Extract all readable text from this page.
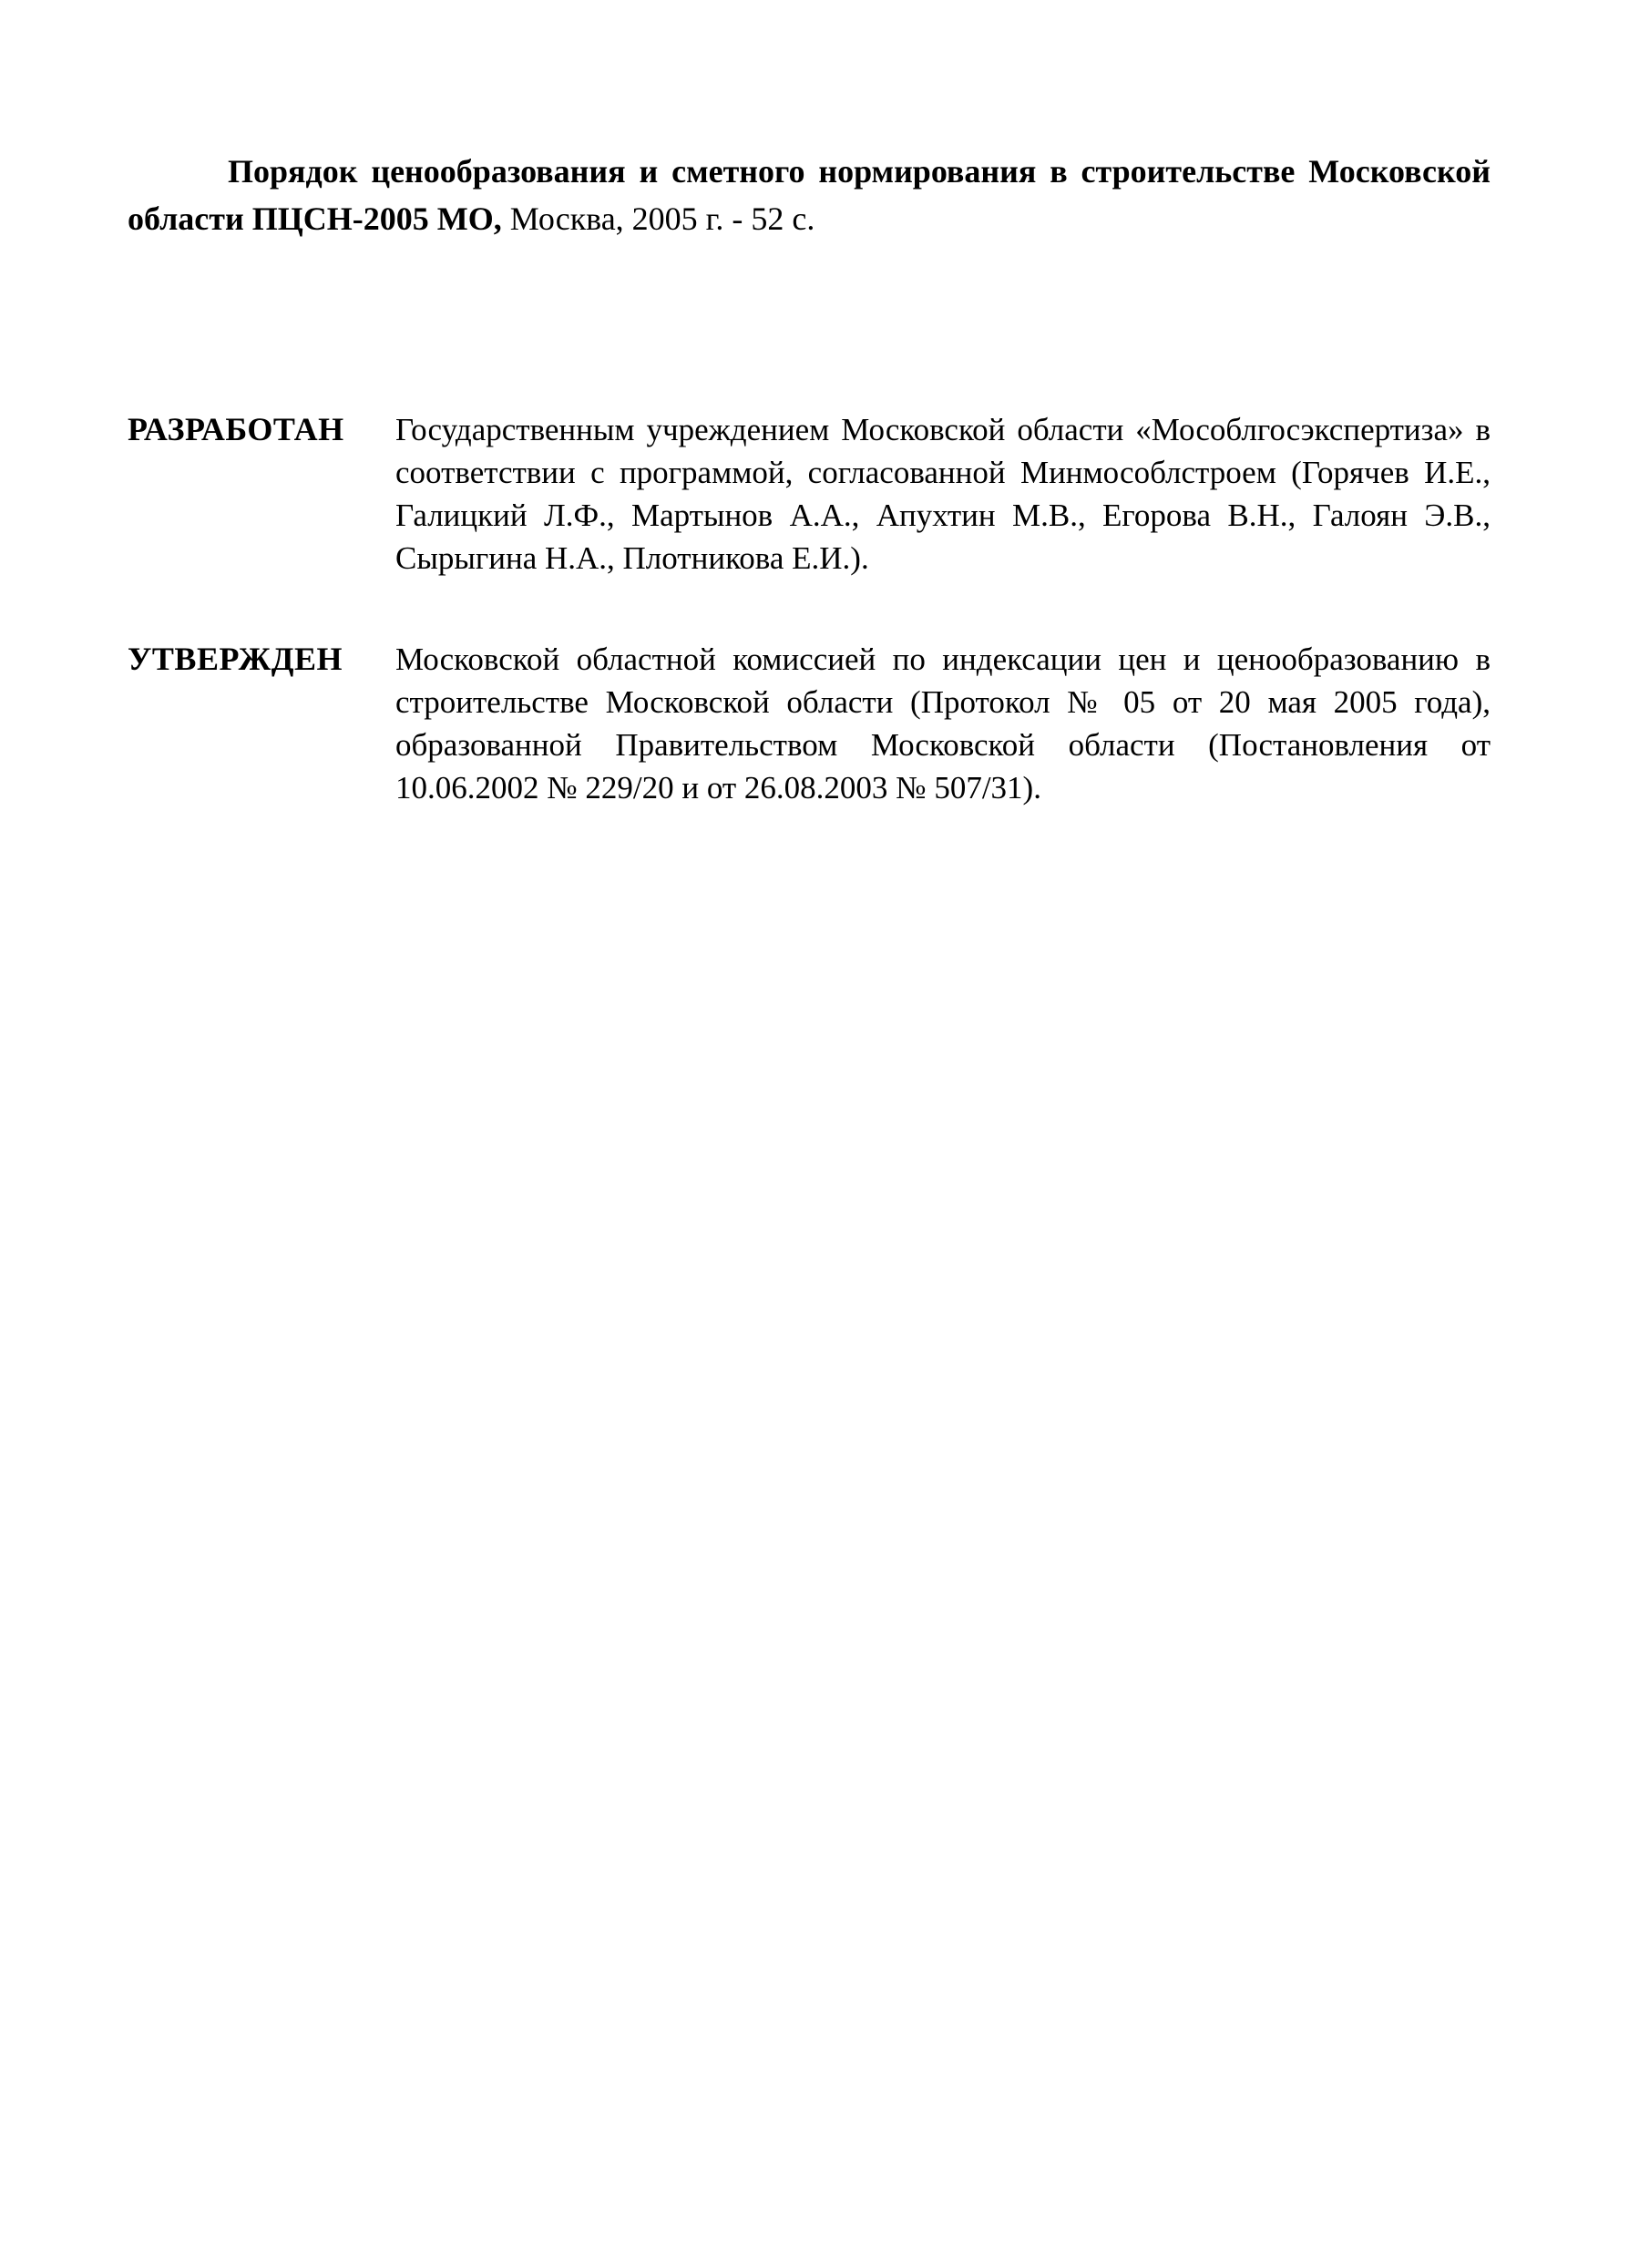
Порядок ценообразования и сметного нормирования в строительстве Московской области ПЦСН-2005 МО, Москва, 2005 г. - 52 с.

РАЗРАБОТАН Государственным учреждением Московской области «Мособлгосэкспертиза» в соответствии с программой, согласованной Минмособлстроем (Горячев И.Е., Галицкий Л.Ф., Мартынов А.А., Апухтин М.В., Егорова В.Н., Галоян Э.В., Сырыгина Н.А., Плотникова Е.И.).
УТВЕРЖДЕН Московской областной комиссией по индексации цен и ценообразованию в строительстве Московской области (Протокол № 05 от 20 мая 2005 года), образованной Правительством Московской области (Постановления от 10.06.2002 № 229/20 и от 26.08.2003 № 507/31).
